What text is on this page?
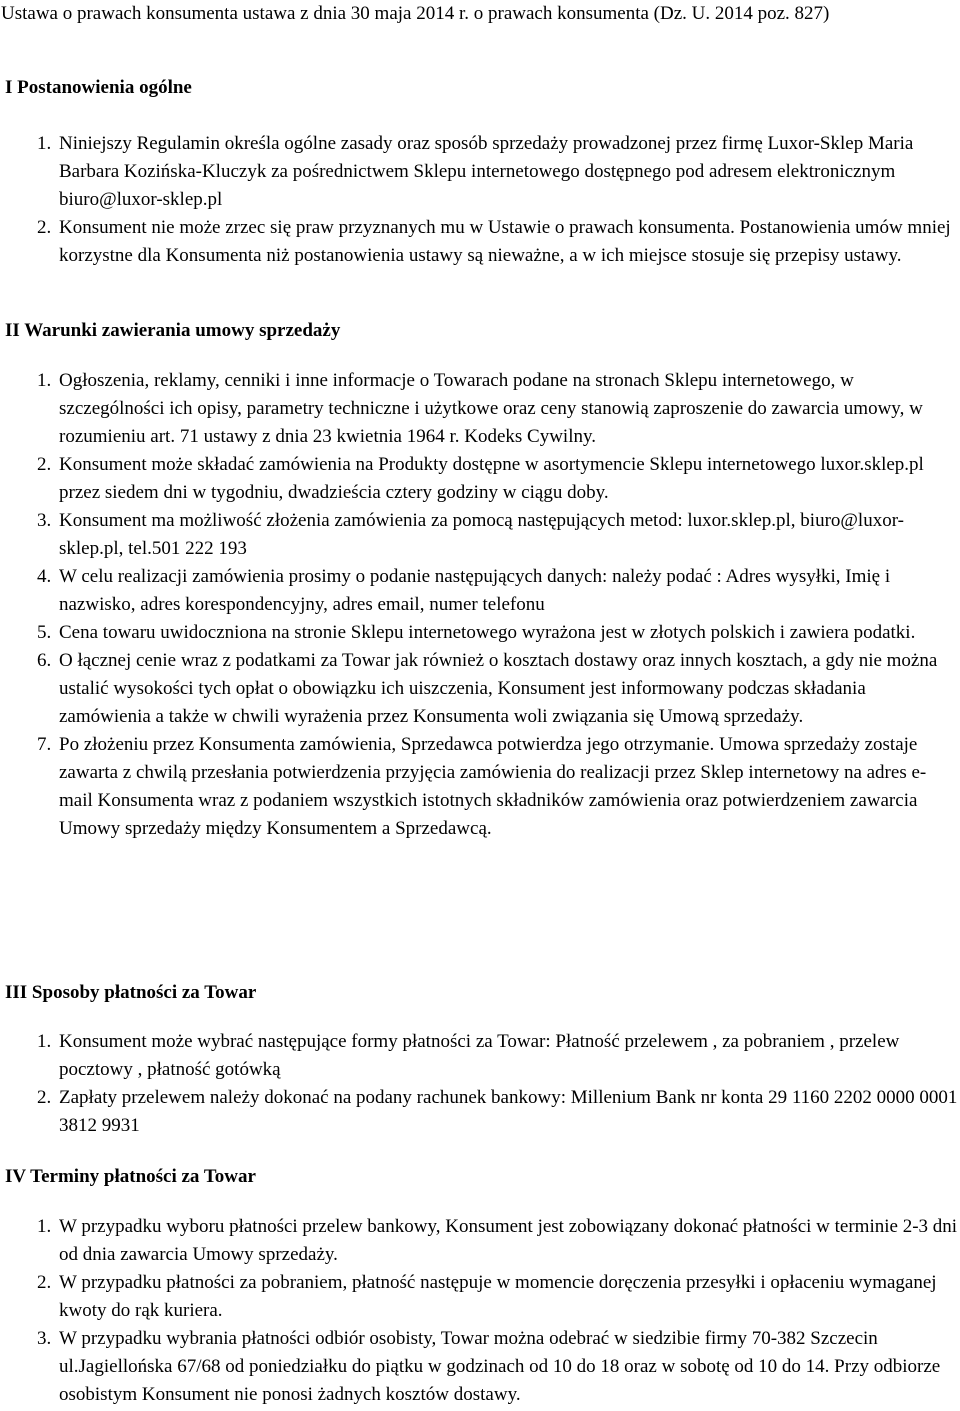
Ustawa o prawach konsumenta ustawa z dnia 30 maja 2014 r. o prawach konsumenta (Dz. U. 2014 poz. 827)

I Postanowienia ogólne
1. Niniejszy Regulamin określa ogólne zasady oraz sposób sprzedaży prowadzonej przez firmę Luxor-Sklep Maria Barbara Kozińska-Kluczyk za pośrednictwem Sklepu internetowego dostępnego pod adresem elektronicznym biuro@luxor-sklep.pl
2. Konsument nie może zrzec się praw przyznanych mu w Ustawie o prawach konsumenta. Postanowienia umów mniej korzystne dla Konsumenta niż postanowienia ustawy są nieważne, a w ich miejsce stosuje się przepisy ustawy.
II Warunki zawierania umowy sprzedaży
1. Ogłoszenia, reklamy, cenniki i inne informacje o Towarach podane na stronach Sklepu internetowego, w szczególności ich opisy, parametry techniczne i użytkowe oraz ceny stanowią zaproszenie do zawarcia umowy, w rozumieniu art. 71 ustawy z dnia 23 kwietnia 1964 r. Kodeks Cywilny.
2. Konsument może składać zamówienia na Produkty dostępne w asortymencie Sklepu internetowego luxor.sklep.pl przez siedem dni w tygodniu, dwadzieścia cztery godziny w ciągu doby.
3. Konsument ma możliwość złożenia zamówienia za pomocą następujących metod: luxor.sklep.pl, biuro@luxor-sklep.pl, tel.501 222 193
4. W celu realizacji zamówienia prosimy o podanie następujących danych: należy podać : Adres wysyłki, Imię i nazwisko, adres korespondencyjny, adres email, numer telefonu
5. Cena towaru uwidoczniona na stronie Sklepu internetowego wyrażona jest w złotych polskich i zawiera podatki.
6. O łącznej cenie wraz z podatkami za Towar jak również o kosztach dostawy oraz innych kosztach, a gdy nie można ustalić wysokości tych opłat o obowiązku ich uiszczenia, Konsument jest informowany podczas składania zamówienia a także w chwili wyrażenia przez Konsumenta woli związania się Umową sprzedaży.
7. Po złożeniu przez Konsumenta zamówienia, Sprzedawca potwierdza jego otrzymanie. Umowa sprzedaży zostaje zawarta z chwilą przesłania potwierdzenia przyjęcia zamówienia do realizacji przez Sklep internetowy na adres e-mail Konsumenta wraz z podaniem wszystkich istotnych składników zamówienia oraz potwierdzeniem zawarcia Umowy sprzedaży między Konsumentem a Sprzedawcą.
III Sposoby płatności za Towar
1. Konsument może wybrać następujące formy płatności za Towar: Płatność przelewem , za pobraniem , przelew pocztowy , płatność gotówką
2. Zapłaty przelewem należy dokonać na podany rachunek bankowy: Millenium Bank nr konta 29 1160 2202 0000 0001 3812 9931
IV Terminy płatności za Towar
1. W przypadku wyboru płatności przelew bankowy, Konsument jest zobowiązany dokonać płatności w terminie 2-3 dni od dnia zawarcia Umowy sprzedaży.
2. W przypadku płatności za pobraniem, płatność następuje w momencie doręczenia przesyłki i opłaceniu wymaganej kwoty do rąk kuriera.
3. W przypadku wybrania płatności odbiór osobisty, Towar można odebrać w siedzibie firmy 70-382 Szczecin ul.Jagiellońska 67/68 od poniedziałku do piątku w godzinach od 10 do 18 oraz w sobotę od 10 do 14. Przy odbiorze osobistym Konsument nie ponosi żadnych kosztów dostawy.
